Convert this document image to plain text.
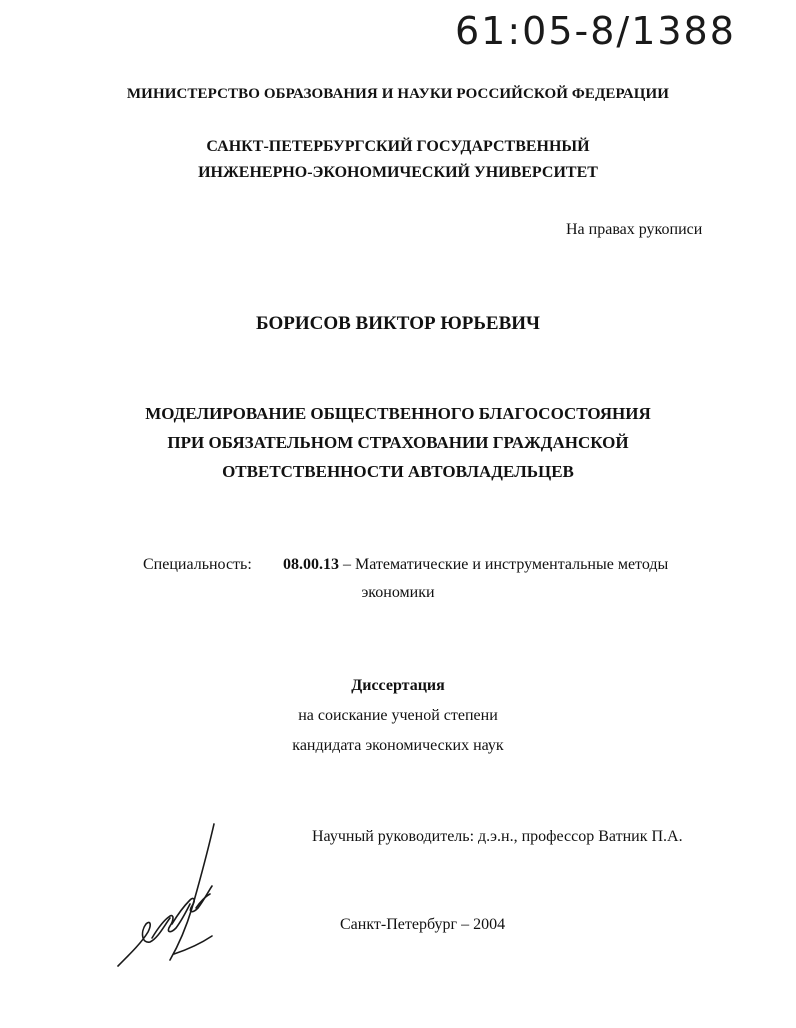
61:05-8/1388
МИНИСТЕРСТВО ОБРАЗОВАНИЯ И НАУКИ РОССИЙСКОЙ ФЕДЕРАЦИИ
САНКТ-ПЕТЕРБУРГСКИЙ ГОСУДАРСТВЕННЫЙ
ИНЖЕНЕРНО-ЭКОНОМИЧЕСКИЙ УНИВЕРСИТЕТ
На правах рукописи
БОРИСОВ ВИКТОР ЮРЬЕВИЧ
МОДЕЛИРОВАНИЕ ОБЩЕСТВЕННОГО БЛАГОСОСТОЯНИЯ
ПРИ ОБЯЗАТЕЛЬНОМ СТРАХОВАНИИ ГРАЖДАНСКОЙ
ОТВЕТСТВЕННОСТИ АВТОВЛАДЕЛЬЦЕВ
Специальность: 08.00.13 – Математические и инструментальные методы
экономики
Диссертация
на соискание ученой степени
кандидата экономических наук
Научный руководитель: д.э.н., профессор Ватник П.А.
Санкт-Петербург – 2004
